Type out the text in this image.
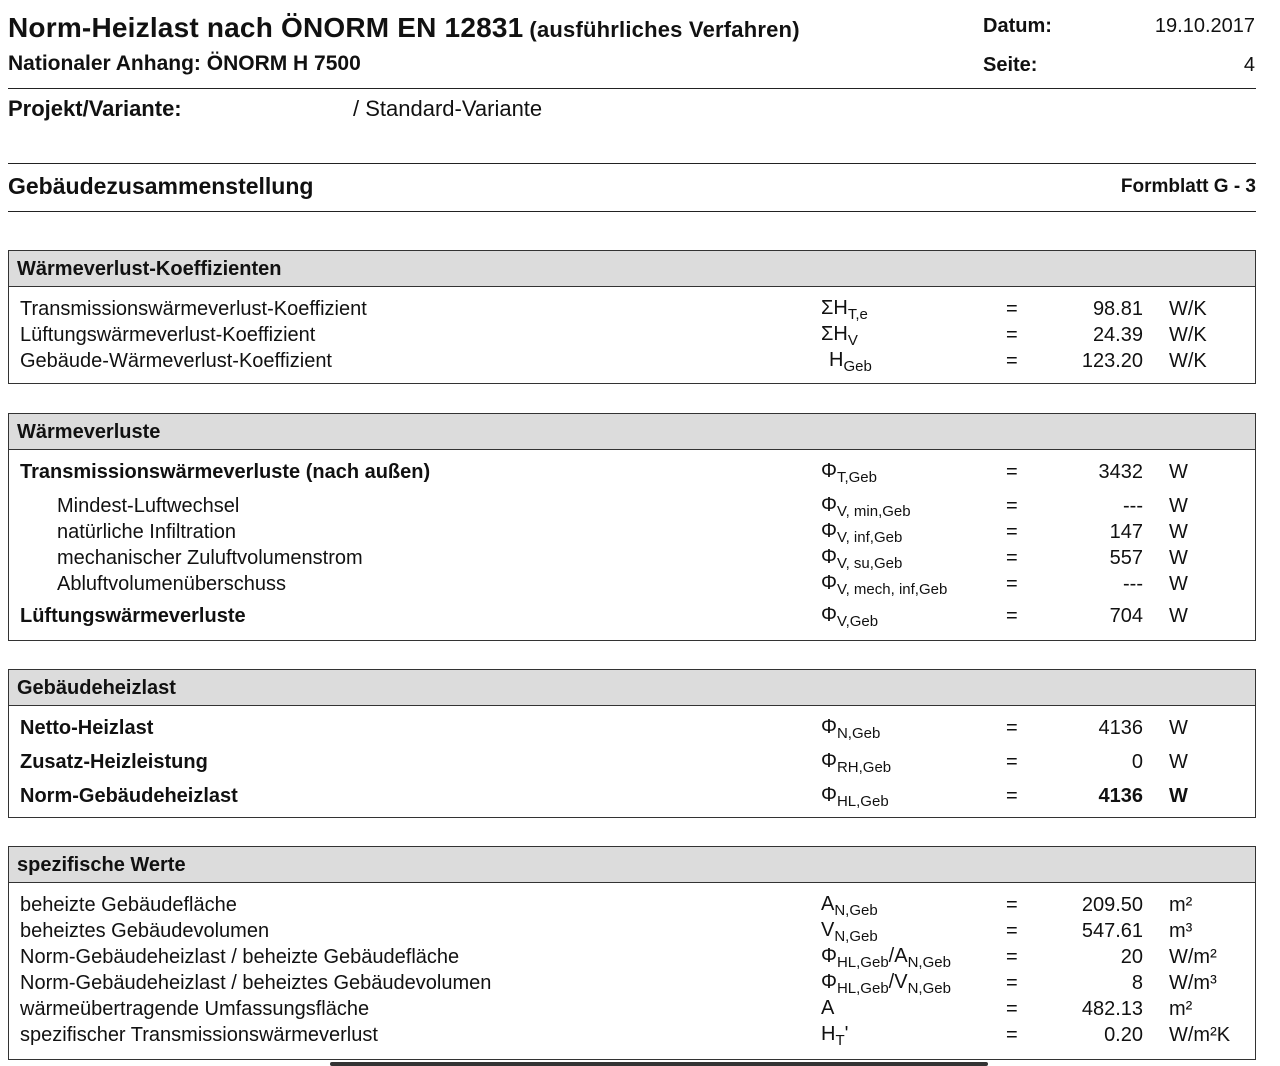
Norm-Heizlast nach ÖNORM EN 12831 (ausführliches Verfahren)
Nationaler Anhang: ÖNORM H 7500
Datum:	19.10.2017
Seite:	4
Projekt/Variante:	/ Standard-Variante
Gebäudezusammenstellung	Formblatt G - 3
Wärmeverlust-Koeffizienten
Transmissionswärmeverlust-Koeffizient	$\Sigma H_{T,e}$	=	98.81 W/K
Lüftungswärmeverlust-Koeffizient	$\Sigma H_V$	=	24.39 W/K
Gebäude-Wärmeverlust-Koeffizient	$H_{Geb}$	=	123.20 W/K
Wärmeverluste
Transmissionswärmeverluste (nach außen)	$\Phi_{T,Geb}$	=	3432 W
Mindest-Luftwechsel	$\Phi_{V, min,Geb}$	=	--- W
natürliche Infiltration	$\Phi_{V, inf,Geb}$	=	147 W
mechanischer Zuluftvolumenstrom	$\Phi_{V, su,Geb}$	=	557 W
Abluftvolumenüberschuss	$\Phi_{V, mech, inf,Geb}$	=	--- W
Lüftungswärmeverluste	$\Phi_{V,Geb}$	=	704 W
Gebäudeheizlast
Netto-Heizlast	$\Phi_{N,Geb}$	=	4136 W
Zusatz-Heizleistung	$\Phi_{RH,Geb}$	=	0 W
Norm-Gebäudeheizlast	$\Phi_{HL,Geb}$	=	4136 W
spezifische Werte
beheizte Gebäudefläche	$A_{N,Geb}$	=	209.50 m²
beheiztes Gebäudevolumen	$V_{N,Geb}$	=	547.61 m³
Norm-Gebäudeheizlast / beheizte Gebäudefläche	$\Phi_{HL,Geb}/A_{N,Geb}$	=	20 W/m²
Norm-Gebäudeheizlast / beheiztes Gebäudevolumen	$\Phi_{HL,Geb}/V_{N,Geb}$	=	8 W/m³
wärmeübertragende Umfassungsfläche	A	=	482.13 m²
spezifischer Transmissionswärmeverlust	$H_T'$	=	0.20 W/m²K
